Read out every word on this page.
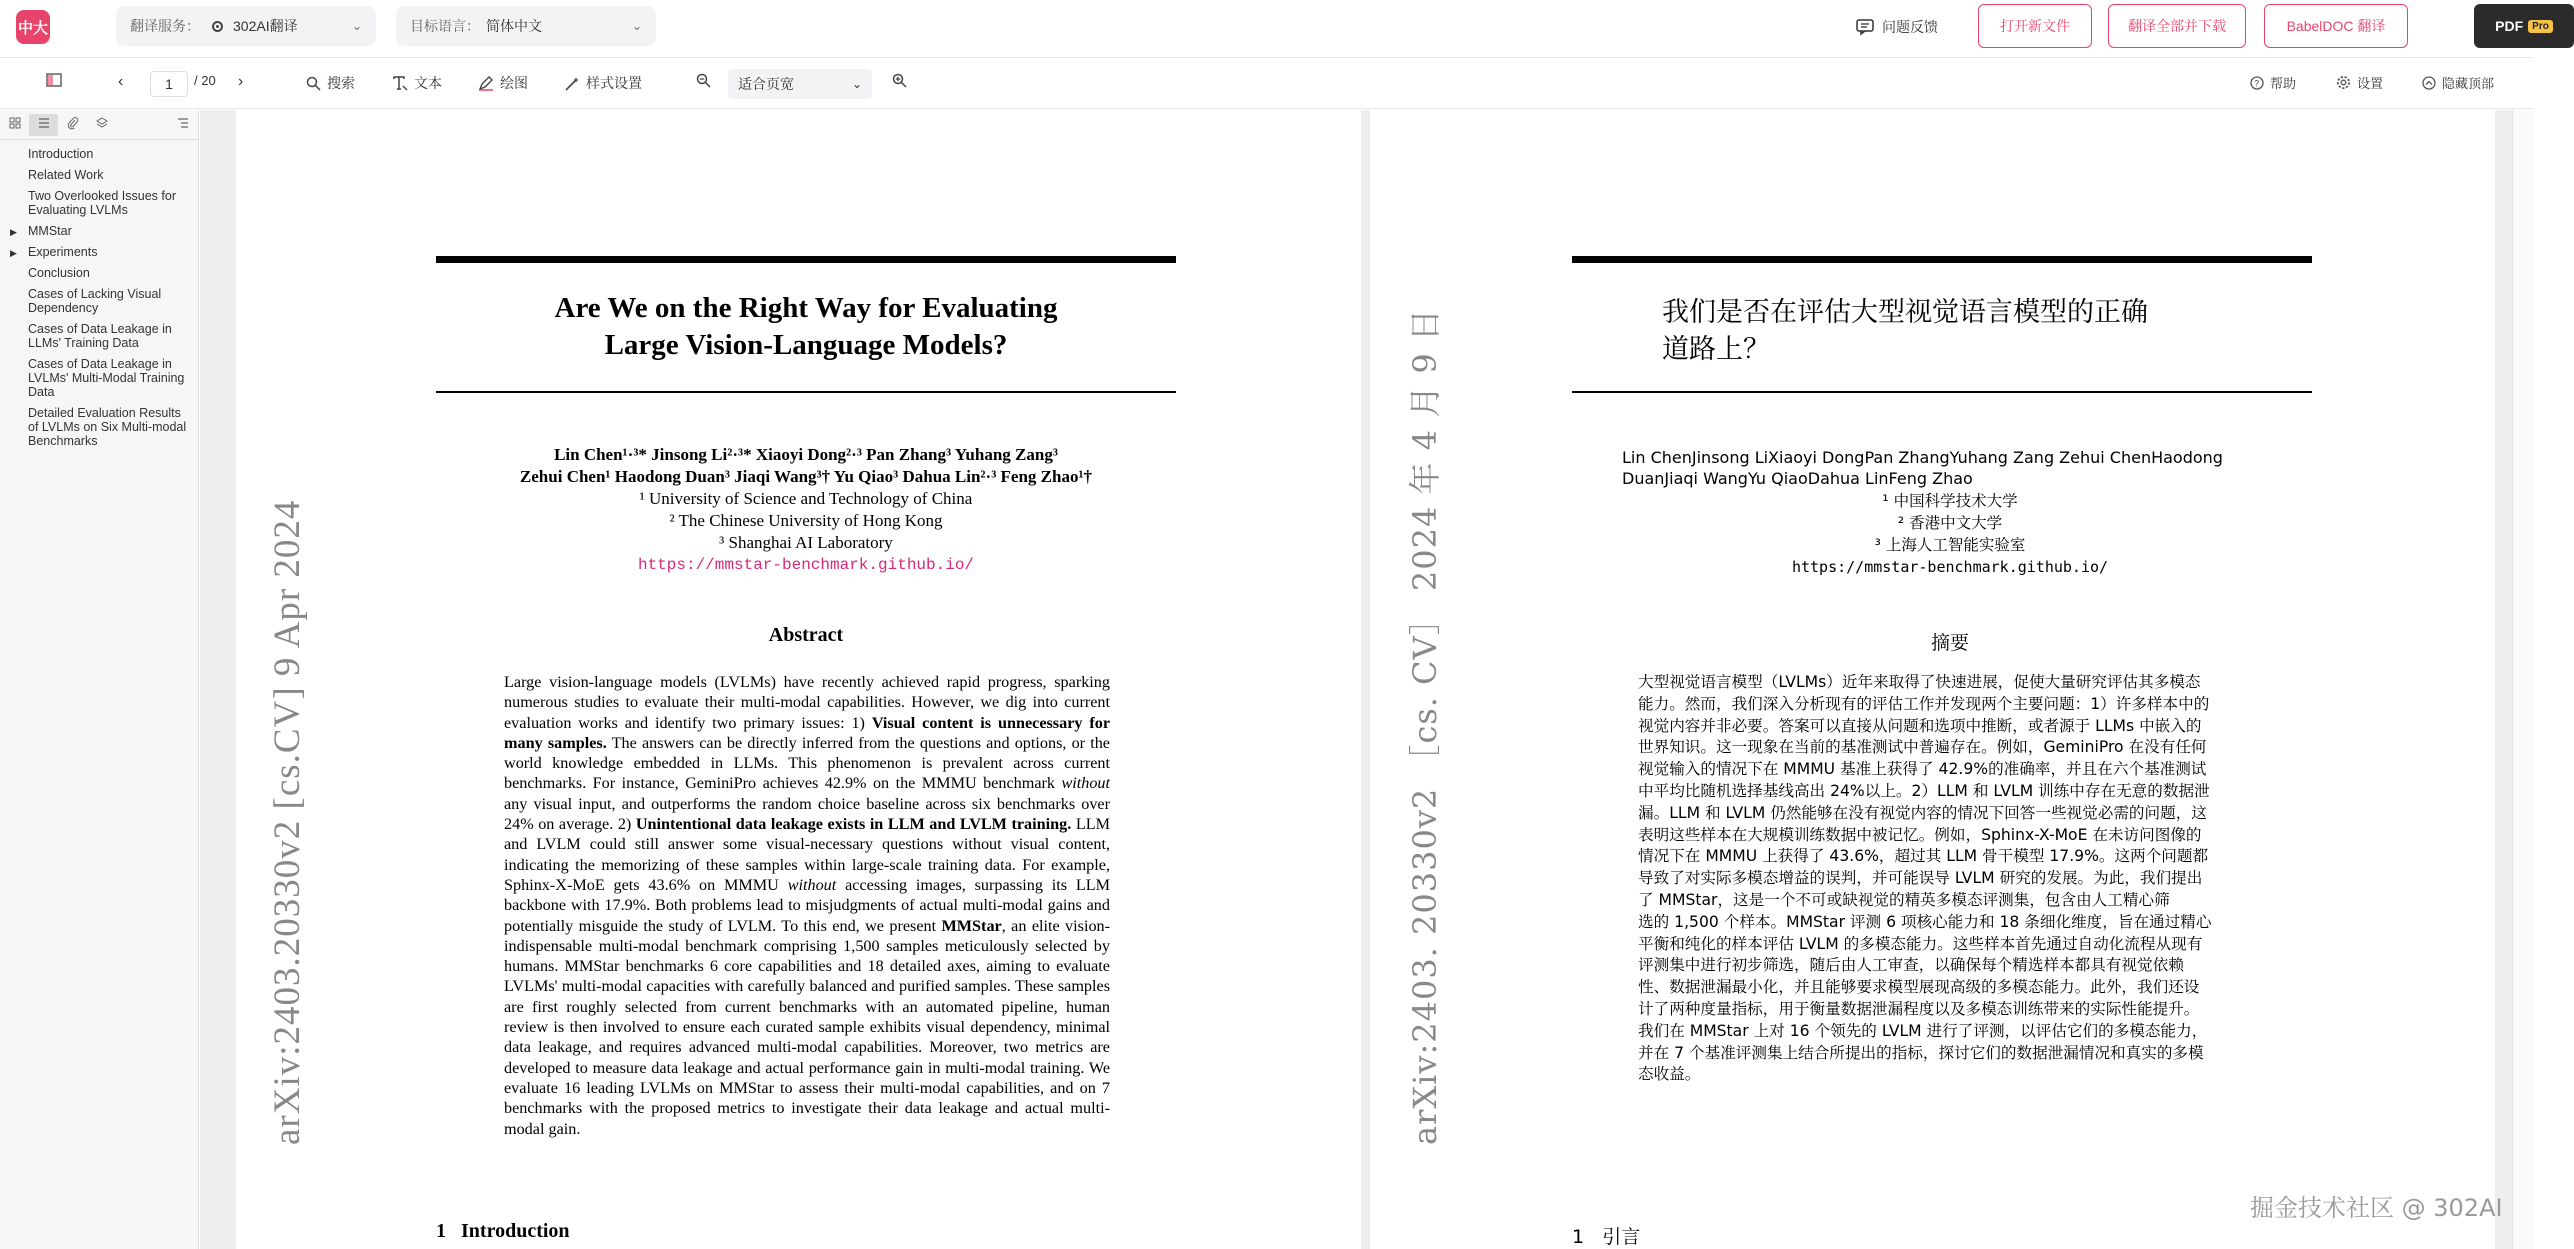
中大	翻译服务： 302AI翻译	⌄	目标语言： 简体中文	⌄	问题反馈	打开新文件	翻译全部并下载	BabelDOC 翻译	PDF Pro
‹	1	/ 20 ›	搜索	文本	绘图	样式设置	适合页宽	⌄	? 帮助	设置	隐藏顶部
Introduction
Related Work
Two Overlooked Issues for Evaluating LVLMs
▶ MMStar
▶ Experiments
Conclusion
Cases of Lacking Visual Dependency
Cases of Data Leakage in LLMs' Training Data
Cases of Data Leakage in LVLMs' Multi-Modal Training Data
Detailed Evaluation Results of LVLMs on Six Multi-modal Benchmarks
arXiv:2403.20330v2 [cs.CV] 9 Apr 2024
Are We on the Right Way for Evaluating
Large Vision-Language Models?
Lin Chen¹·³* Jinsong Li²·³* Xiaoyi Dong²·³ Pan Zhang³ Yuhang Zang³
Zehui Chen¹ Haodong Duan³ Jiaqi Wang³† Yu Qiao³ Dahua Lin²·³ Feng Zhao¹†
¹ University of Science and Technology of China
² The Chinese University of Hong Kong
³ Shanghai AI Laboratory
https://mmstar-benchmark.github.io/
Abstract
Large vision-language models (LVLMs) have recently achieved rapid progress, sparking numerous studies to evaluate their multi-modal capabilities. However, we dig into current evaluation works and identify two primary issues: 1) Visual content is unnecessary for many samples. The answers can be directly inferred from the questions and options, or the world knowledge embedded in LLMs. This phenomenon is prevalent across current benchmarks. For instance, GeminiPro achieves 42.9% on the MMMU benchmark without any visual input, and outperforms the random choice baseline across six benchmarks over 24% on average. 2) Unintentional data leakage exists in LLM and LVLM training. LLM and LVLM could still answer some visual-necessary questions without visual content, indicating the memorizing of these samples within large-scale training data. For example, Sphinx-X-MoE gets 43.6% on MMMU without accessing images, surpassing its LLM backbone with 17.9%. Both problems lead to misjudgments of actual multi-modal gains and potentially misguide the study of LVLM. To this end, we present MMStar, an elite vision-indispensable multi-modal benchmark comprising 1,500 samples meticulously selected by humans. MMStar benchmarks 6 core capabilities and 18 detailed axes, aiming to evaluate LVLMs' multi-modal capacities with carefully balanced and purified samples. These samples are first roughly selected from current benchmarks with an automated pipeline, human review is then involved to ensure each curated sample exhibits visual dependency, minimal data leakage, and requires advanced multi-modal capabilities. Moreover, two metrics are developed to measure data leakage and actual performance gain in multi-modal training. We evaluate 16 leading LVLMs on MMStar to assess their multi-modal capabilities, and on 7 benchmarks with the proposed metrics to investigate their data leakage and actual multi-modal gain.
1   Introduction
arXiv:2403. 20330v2 ［cs. CV］ 2024 年 4 月 9 日	我们是否在评估大型视觉语言模型的正确
道路上？
Lin ChenJinsong LiXiaoyi DongPan ZhangYuhang Zang Zehui ChenHaodong
DuanJiaqi WangYu QiaoDahua LinFeng Zhao
¹ 中国科学技术大学
² 香港中文大学
³ 上海人工智能实验室
https://mmstar-benchmark.github.io/
摘要
大型视觉语言模型（LVLMs）近年来取得了快速进展，促使大量研究评估其多模态
能力。然而，我们深入分析现有的评估工作并发现两个主要问题：1）许多样本中的
视觉内容并非必要。答案可以直接从问题和选项中推断，或者源于 LLMs 中嵌入的
世界知识。这一现象在当前的基准测试中普遍存在。例如，GeminiPro 在没有任何
视觉输入的情况下在 MMMU 基准上获得了 42.9%的准确率，并且在六个基准测试
中平均比随机选择基线高出 24%以上。2）LLM 和 LVLM 训练中存在无意的数据泄
漏。LLM 和 LVLM 仍然能够在没有视觉内容的情况下回答一些视觉必需的问题，这
表明这些样本在大规模训练数据中被记忆。例如，Sphinx-X-MoE 在未访问图像的
情况下在 MMMU 上获得了 43.6%，超过其 LLM 骨干模型 17.9%。这两个问题都
导致了对实际多模态增益的误判，并可能误导 LVLM 研究的发展。为此，我们提出
了 MMStar，这是一个不可或缺视觉的精英多模态评测集，包含由人工精心筛
选的 1,500 个样本。MMStar 评测 6 项核心能力和 18 条细化维度，旨在通过精心
平衡和纯化的样本评估 LVLM 的多模态能力。这些样本首先通过自动化流程从现有
评测集中进行初步筛选，随后由人工审查，以确保每个精选样本都具有视觉依赖
性、数据泄漏最小化，并且能够要求模型展现高级的多模态能力。此外，我们还设
计了两种度量指标，用于衡量数据泄漏程度以及多模态训练带来的实际性能提升。
我们在 MMStar 上对 16 个领先的 LVLM 进行了评测，以评估它们的多模态能力，
并在 7 个基准评测集上结合所提出的指标，探讨它们的数据泄漏情况和真实的多模
态收益。
1   引言
掘金技术社区 @ 302AI
